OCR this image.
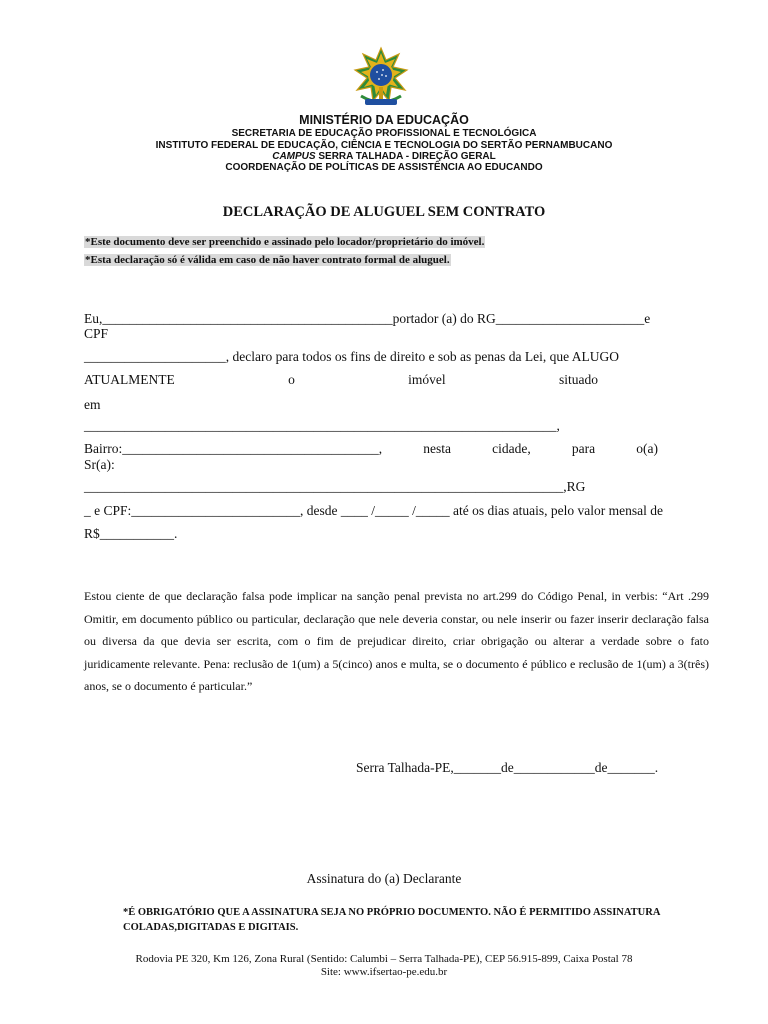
MINISTÉRIO DA EDUCAÇÃO
SECRETARIA DE EDUCAÇÃO PROFISSIONAL E TECNOLÓGICA
INSTITUTO FEDERAL DE EDUCAÇÃO, CIÊNCIA E TECNOLOGIA DO SERTÃO PERNAMBUCANO
CAMPUS SERRA TALHADA - DIREÇÃO GERAL
COORDENAÇÃO DE POLÍTICAS DE ASSISTÊNCIA AO EDUCANDO
DECLARAÇÃO DE ALUGUEL SEM CONTRATO
*Este documento deve ser preenchido e assinado pelo locador/proprietário do imóvel.
*Esta declaração só é válida em caso de não haver contrato formal de aluguel.
Eu,___________________________________________portador (a) do RG______________________e
CPF
_____________________, declaro para todos os fins de direito e sob as penas da Lei, que ALUGO
ATUALMENTE	o	imóvel	situado
em
______________________________________________________________________,
Bairro:______________________________________,	nesta	cidade,	para	o(a)
Sr(a):
_______________________________________________________________________,RG
_ e CPF:_________________________, desde ____ /_____ /_____ até os dias atuais, pelo valor mensal de
R$___________.
Estou ciente de que declaração falsa pode implicar na sanção penal prevista no art.299 do Código Penal, in verbis: “Art .299 Omitir, em documento público ou particular, declaração que nele deveria constar, ou nele inserir ou fazer inserir declaração falsa ou diversa da que devia ser escrita, com o fim de prejudicar direito, criar obrigação ou alterar a verdade sobre o fato juridicamente relevante. Pena: reclusão de 1(um) a 5(cinco) anos e multa, se o documento é público e reclusão de 1(um) a 3(três) anos, se o documento é particular.”
Serra Talhada-PE,_______de____________de_______.
Assinatura do (a) Declarante
*É OBRIGATÓRIO QUE A ASSINATURA SEJA NO PRÓPRIO DOCUMENTO. NÃO É PERMITIDO ASSINATURA COLADAS,DIGITADAS E DIGITAIS.
Rodovia PE 320, Km 126, Zona Rural (Sentido: Calumbi – Serra Talhada-PE), CEP 56.915-899, Caixa Postal 78
Site: www.ifsertao-pe.edu.br
